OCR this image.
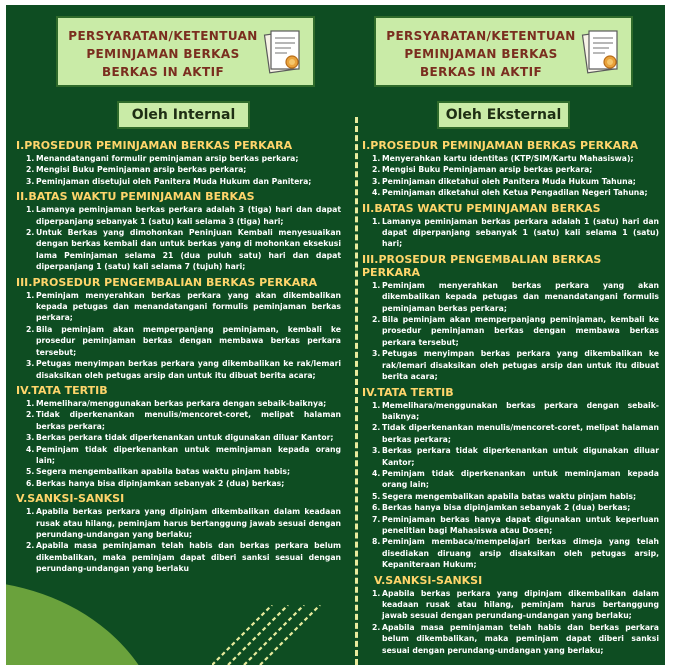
PERSYARATAN/KETENTUAN
PEMINJAMAN BERKAS
BERKAS IN AKTIF
PERSYARATAN/KETENTUAN
PEMINJAMAN BERKAS
BERKAS IN AKTIF
Oleh Internal	Oleh Eksternal
I.PROSEDUR PEMINJAMAN BERKAS PERKARA
1. Menandatangani formulir peminjaman arsip berkas perkara;
2. Mengisi Buku Peminjaman arsip berkas perkara;
3. Peminjaman disetujui oleh Panitera Muda Hukum dan Panitera;
II.BATAS WAKTU PEMINJAMAN BERKAS
1. Lamanya peminjaman berkas perkara adalah 3 (tiga) hari dan dapat diperpanjang sebanyak 1 (satu) kali selama 3 (tiga) hari;
2. Untuk Berkas yang dimohonkan Peninjuan Kembali menyesuaikan dengan berkas kembali dan untuk berkas yang di mohonkan eksekusi lama Peminjaman selama 21 (dua puluh satu) hari dan dapat diperpanjang 1 (satu) kali selama 7 (tujuh) hari;
III.PROSEDUR PENGEMBALIAN BERKAS PERKARA
1. Peminjam menyerahkan berkas perkara yang akan dikembalikan kepada petugas dan menandatangani formulis peminjaman berkas perkara;
2. Bila peminjam akan memperpanjang peminjaman, kembali ke prosedur peminjaman berkas dengan membawa berkas perkara tersebut;
3. Petugas menyimpan berkas perkara yang dikembalikan ke rak/lemari disaksikan oleh petugas arsip dan untuk itu dibuat berita acara;
IV.TATA TERTIB
1. Memelihara/menggunakan berkas perkara dengan sebaik-baiknya;
2. Tidak diperkenankan menulis/mencoret-coret, melipat halaman berkas perkara;
3. Berkas perkara tidak diperkenankan untuk digunakan diluar Kantor;
4. Peminjam tidak diperkenankan untuk meminjaman kepada orang lain;
5. Segera mengembalikan apabila batas waktu pinjam habis;
6. Berkas hanya bisa dipinjamkan sebanyak 2 (dua) berkas;
V.SANKSI-SANKSI
1. Apabila berkas perkara yang dipinjam dikembalikan dalam keadaan rusak atau hilang, peminjam harus bertanggung jawab sesuai dengan perundang-undangan yang berlaku;
2. Apabila masa peminjaman telah habis dan berkas perkara belum dikembalikan, maka peminjam dapat diberi sanksi sesuai dengan perundang-undangan yang berlaku
I.PROSEDUR PEMINJAMAN BERKAS PERKARA
1. Menyerahkan kartu identitas (KTP/SIM/Kartu Mahasiswa);
2. Mengisi Buku Peminjaman arsip berkas perkara;
3. Peminjaman diketahui oleh Panitera Muda Hukum Tahuna;
4. Peminjaman diketahui oleh Ketua Pengadilan Negeri Tahuna;
II.BATAS WAKTU PEMINJAMAN BERKAS
1. Lamanya peminjaman berkas perkara adalah 1 (satu) hari dan dapat diperpanjang sebanyak 1 (satu) kali selama 1 (satu) hari;
III.PROSEDUR PENGEMBALIAN BERKAS PERKARA
1. Peminjam menyerahkan berkas perkara yang akan dikembalikan kepada petugas dan menandatangani formulis peminjaman berkas perkara;
2. Bila peminjam akan memperpanjang peminjaman, kembali ke prosedur peminjaman berkas dengan membawa berkas perkara tersebut;
3. Petugas menyimpan berkas perkara yang dikembalikan ke rak/lemari disaksikan oleh petugas arsip dan untuk itu dibuat berita acara;
IV.TATA TERTIB
1. Memelihara/menggunakan berkas perkara dengan sebaik-baiknya;
2. Tidak diperkenankan menulis/mencoret-coret, melipat halaman berkas perkara;
3. Berkas perkara tidak diperkenankan untuk digunakan diluar Kantor;
4. Peminjam tidak diperkenankan untuk meminjaman kepada orang lain;
5. Segera mengembalikan apabila batas waktu pinjam habis;
6. Berkas hanya bisa dipinjamkan sebanyak 2 (dua) berkas;
7. Peminjaman berkas hanya dapat digunakan untuk keperluan penelitian bagi Mahasiswa atau Dosen;
8. Peminjam membaca/mempelajari berkas dimeja yang telah disediakan diruang arsip disaksikan oleh petugas arsip, Kepaniteraan Hukum;
V.SANKSI-SANKSI
1. Apabila berkas perkara yang dipinjam dikembalikan dalam keadaan rusak atau hilang, peminjam harus bertanggung jawab sesuai dengan perundang-undangan yang berlaku;
2. Apabila masa peminjaman telah habis dan berkas perkara belum dikembalikan, maka peminjam dapat diberi sanksi sesuai dengan perundang-undangan yang berlaku;
